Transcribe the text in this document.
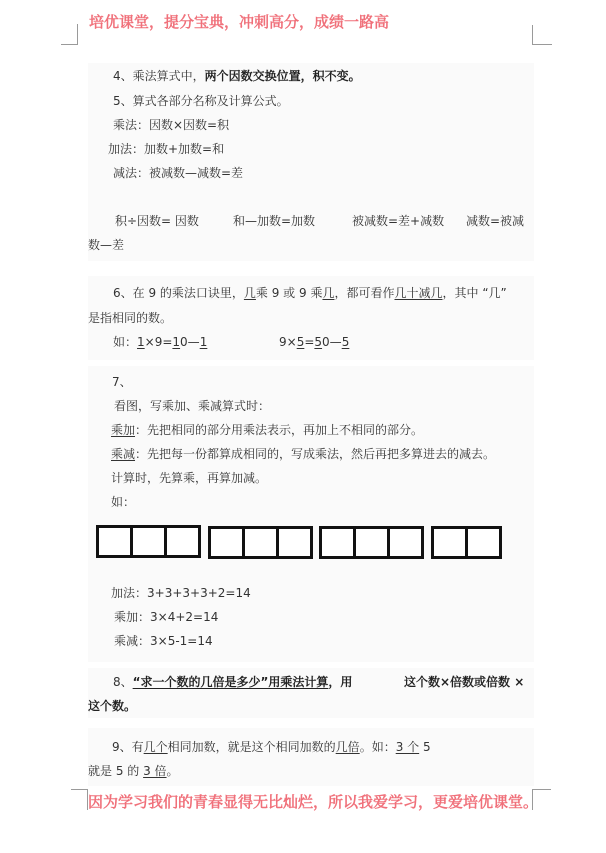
培优课堂，提分宝典，冲刺高分，成绩一路高
4、乘法算式中，两个因数交换位置，积不变。
5、算式各部分名称及计算公式。
乘法：因数×因数=积
加法：加数+加数=和
减法：被减数—减数=差
积÷因数= 因数	和—加数=加数	被减数=差+减数 减数=被减
数—差
6、在 9 的乘法口诀里，几乘 9 或 9 乘几，都可看作几十减几，其中 “几”
是指相同的数。
如：1×9=10—1	9×5=50—5
7、
看图，写乘加、乘减算式时：
乘加：先把相同的部分用乘法表示，再加上不相同的部分。
乘减：先把每一份都算成相同的，写成乘法，然后再把多算进去的减去。
计算时，先算乘，再算加减。
如：
加法：3+3+3+3+2=14
乘加：3×4+2=14
乘减：3×5-1=14
8、“求一个数的几倍是多少”用乘法计算，用	这个数×倍数或倍数 ×
这个数。
9、有几个相同加数，就是这个相同加数的几倍。如：3 个 5
就是 5 的 3 倍。
因为学习我们的青春显得无比灿烂，所以我爱学习，更爱培优课堂。
